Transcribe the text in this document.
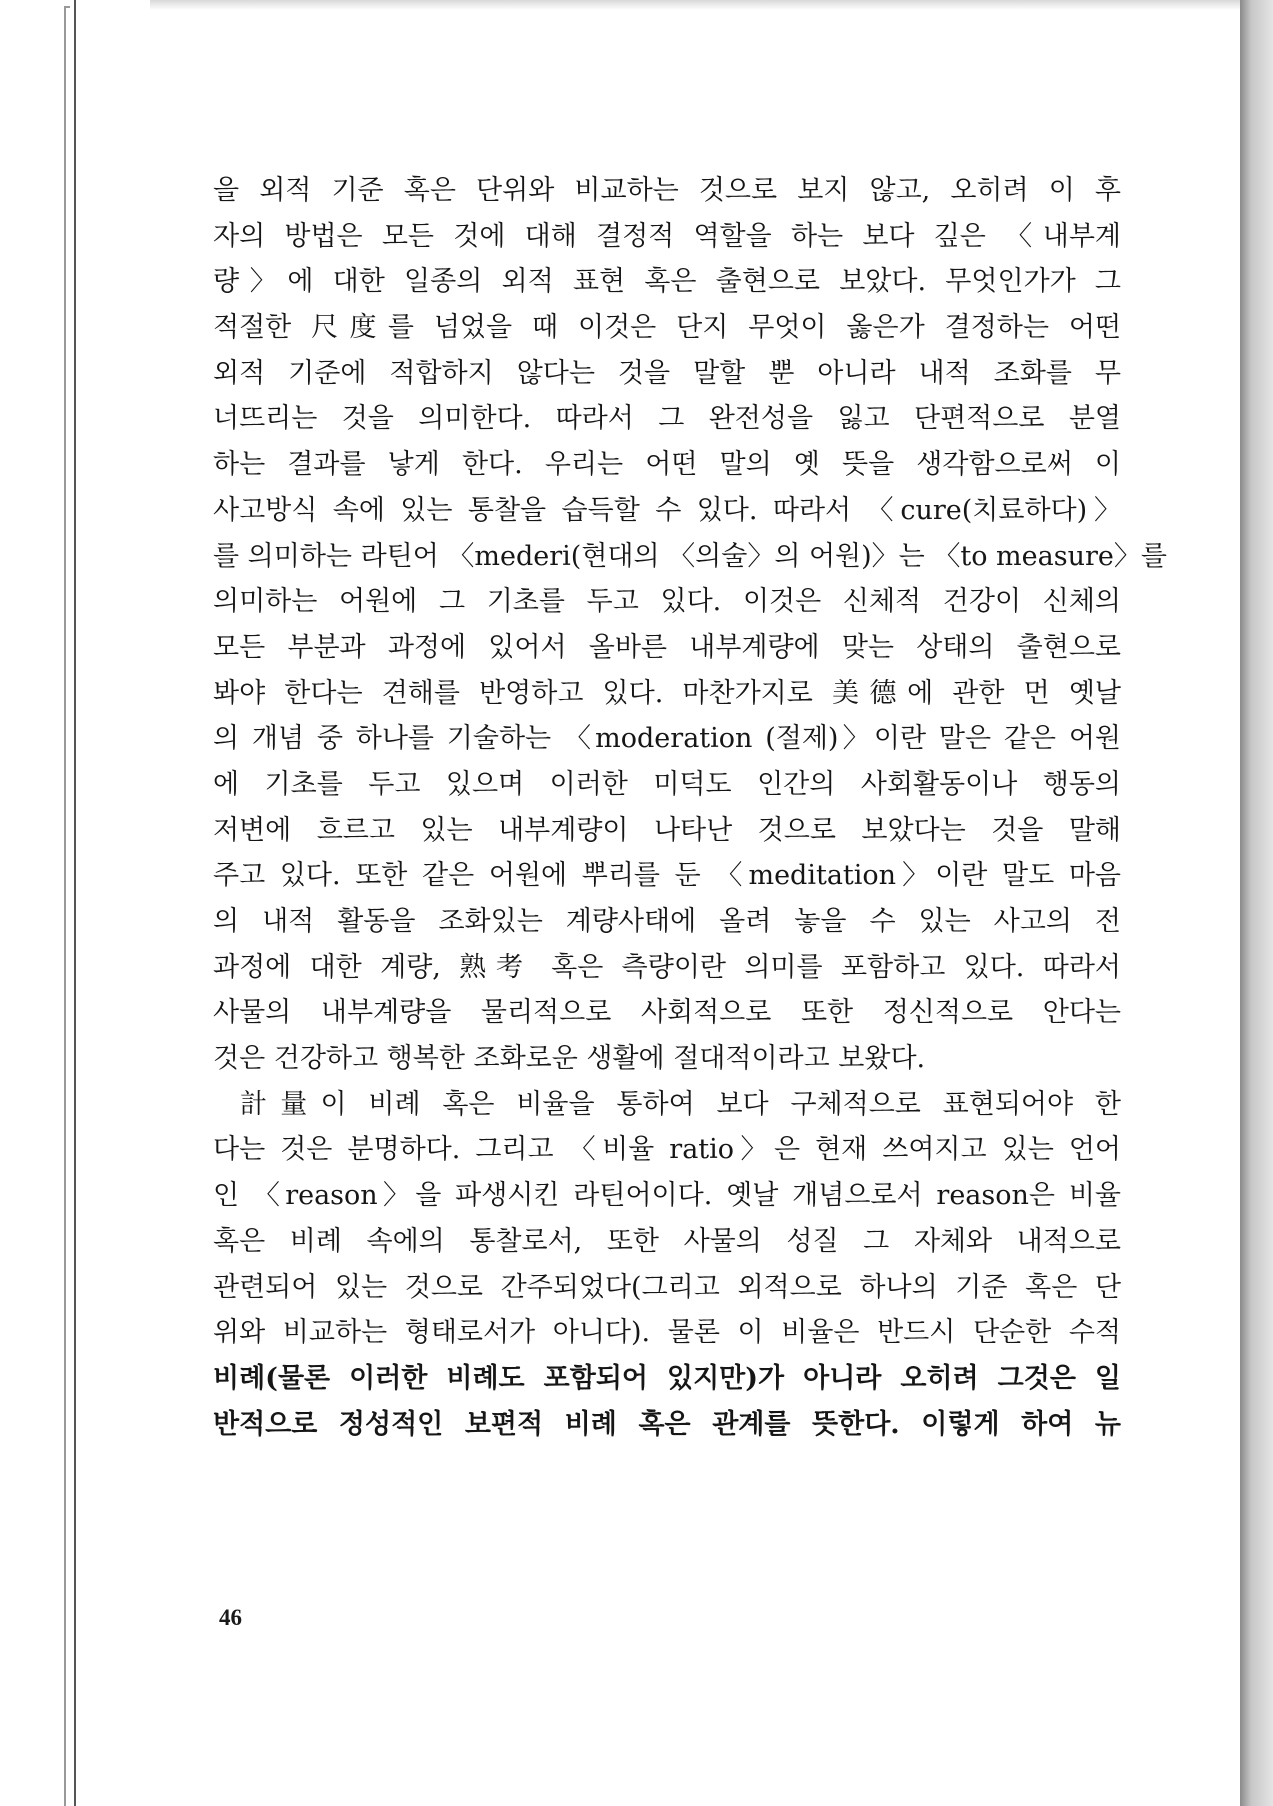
을 외적 기준 혹은 단위와 비교하는 것으로 보지 않고, 오히려 이 후
자의 방법은 모든 것에 대해 결정적 역할을 하는 보다 깊은 〈내부계
량〉에 대한 일종의 외적 표현 혹은 출현으로 보았다. 무엇인가가 그
적절한 尺度를 넘었을 때 이것은 단지 무엇이 옳은가 결정하는 어떤
외적 기준에 적합하지 않다는 것을 말할 뿐 아니라 내적 조화를 무
너뜨리는 것을 의미한다. 따라서 그 완전성을 잃고 단편적으로 분열
하는 결과를 낳게 한다. 우리는 어떤 말의 옛 뜻을 생각함으로써 이
사고방식 속에 있는 통찰을 습득할 수 있다. 따라서 〈cure(치료하다)〉
를 의미하는 라틴어 〈mederi(현대의 〈의술〉의 어원)〉는 〈to measure〉를
의미하는 어원에 그 기초를 두고 있다. 이것은 신체적 건강이 신체의
모든 부분과 과정에 있어서 올바른 내부계량에 맞는 상태의 출현으로
봐야 한다는 견해를 반영하고 있다. 마찬가지로 美德에 관한 먼 옛날
의 개념 중 하나를 기술하는 〈moderation (절제)〉이란 말은 같은 어원
에 기초를 두고 있으며 이러한 미덕도 인간의 사회활동이나 행동의
저변에 흐르고 있는 내부계량이 나타난 것으로 보았다는 것을 말해
주고 있다. 또한 같은 어원에 뿌리를 둔 〈meditation〉이란 말도 마음
의 내적 활동을 조화있는 계량사태에 올려 놓을 수 있는 사고의 전
과정에 대한 계량, 熟考 혹은 측량이란 의미를 포함하고 있다. 따라서
사물의 내부계량을 물리적으로 사회적으로 또한 정신적으로 안다는
것은 건강하고 행복한 조화로운 생활에 절대적이라고 보왔다.
計量이 비례 혹은 비율을 통하여 보다 구체적으로 표현되어야 한
다는 것은 분명하다. 그리고 〈비율 ratio〉은 현재 쓰여지고 있는 언어
인 〈reason〉을 파생시킨 라틴어이다. 옛날 개념으로서 reason은 비율
혹은 비례 속에의 통찰로서, 또한 사물의 성질 그 자체와 내적으로
관련되어 있는 것으로 간주되었다(그리고 외적으로 하나의 기준 혹은 단
위와 비교하는 형태로서가 아니다). 물론 이 비율은 반드시 단순한 수적
비례(물론 이러한 비례도 포함되어 있지만)가 아니라 오히려 그것은 일
반적으로 정성적인 보편적 비례 혹은 관계를 뜻한다. 이렇게 하여 뉴
46
